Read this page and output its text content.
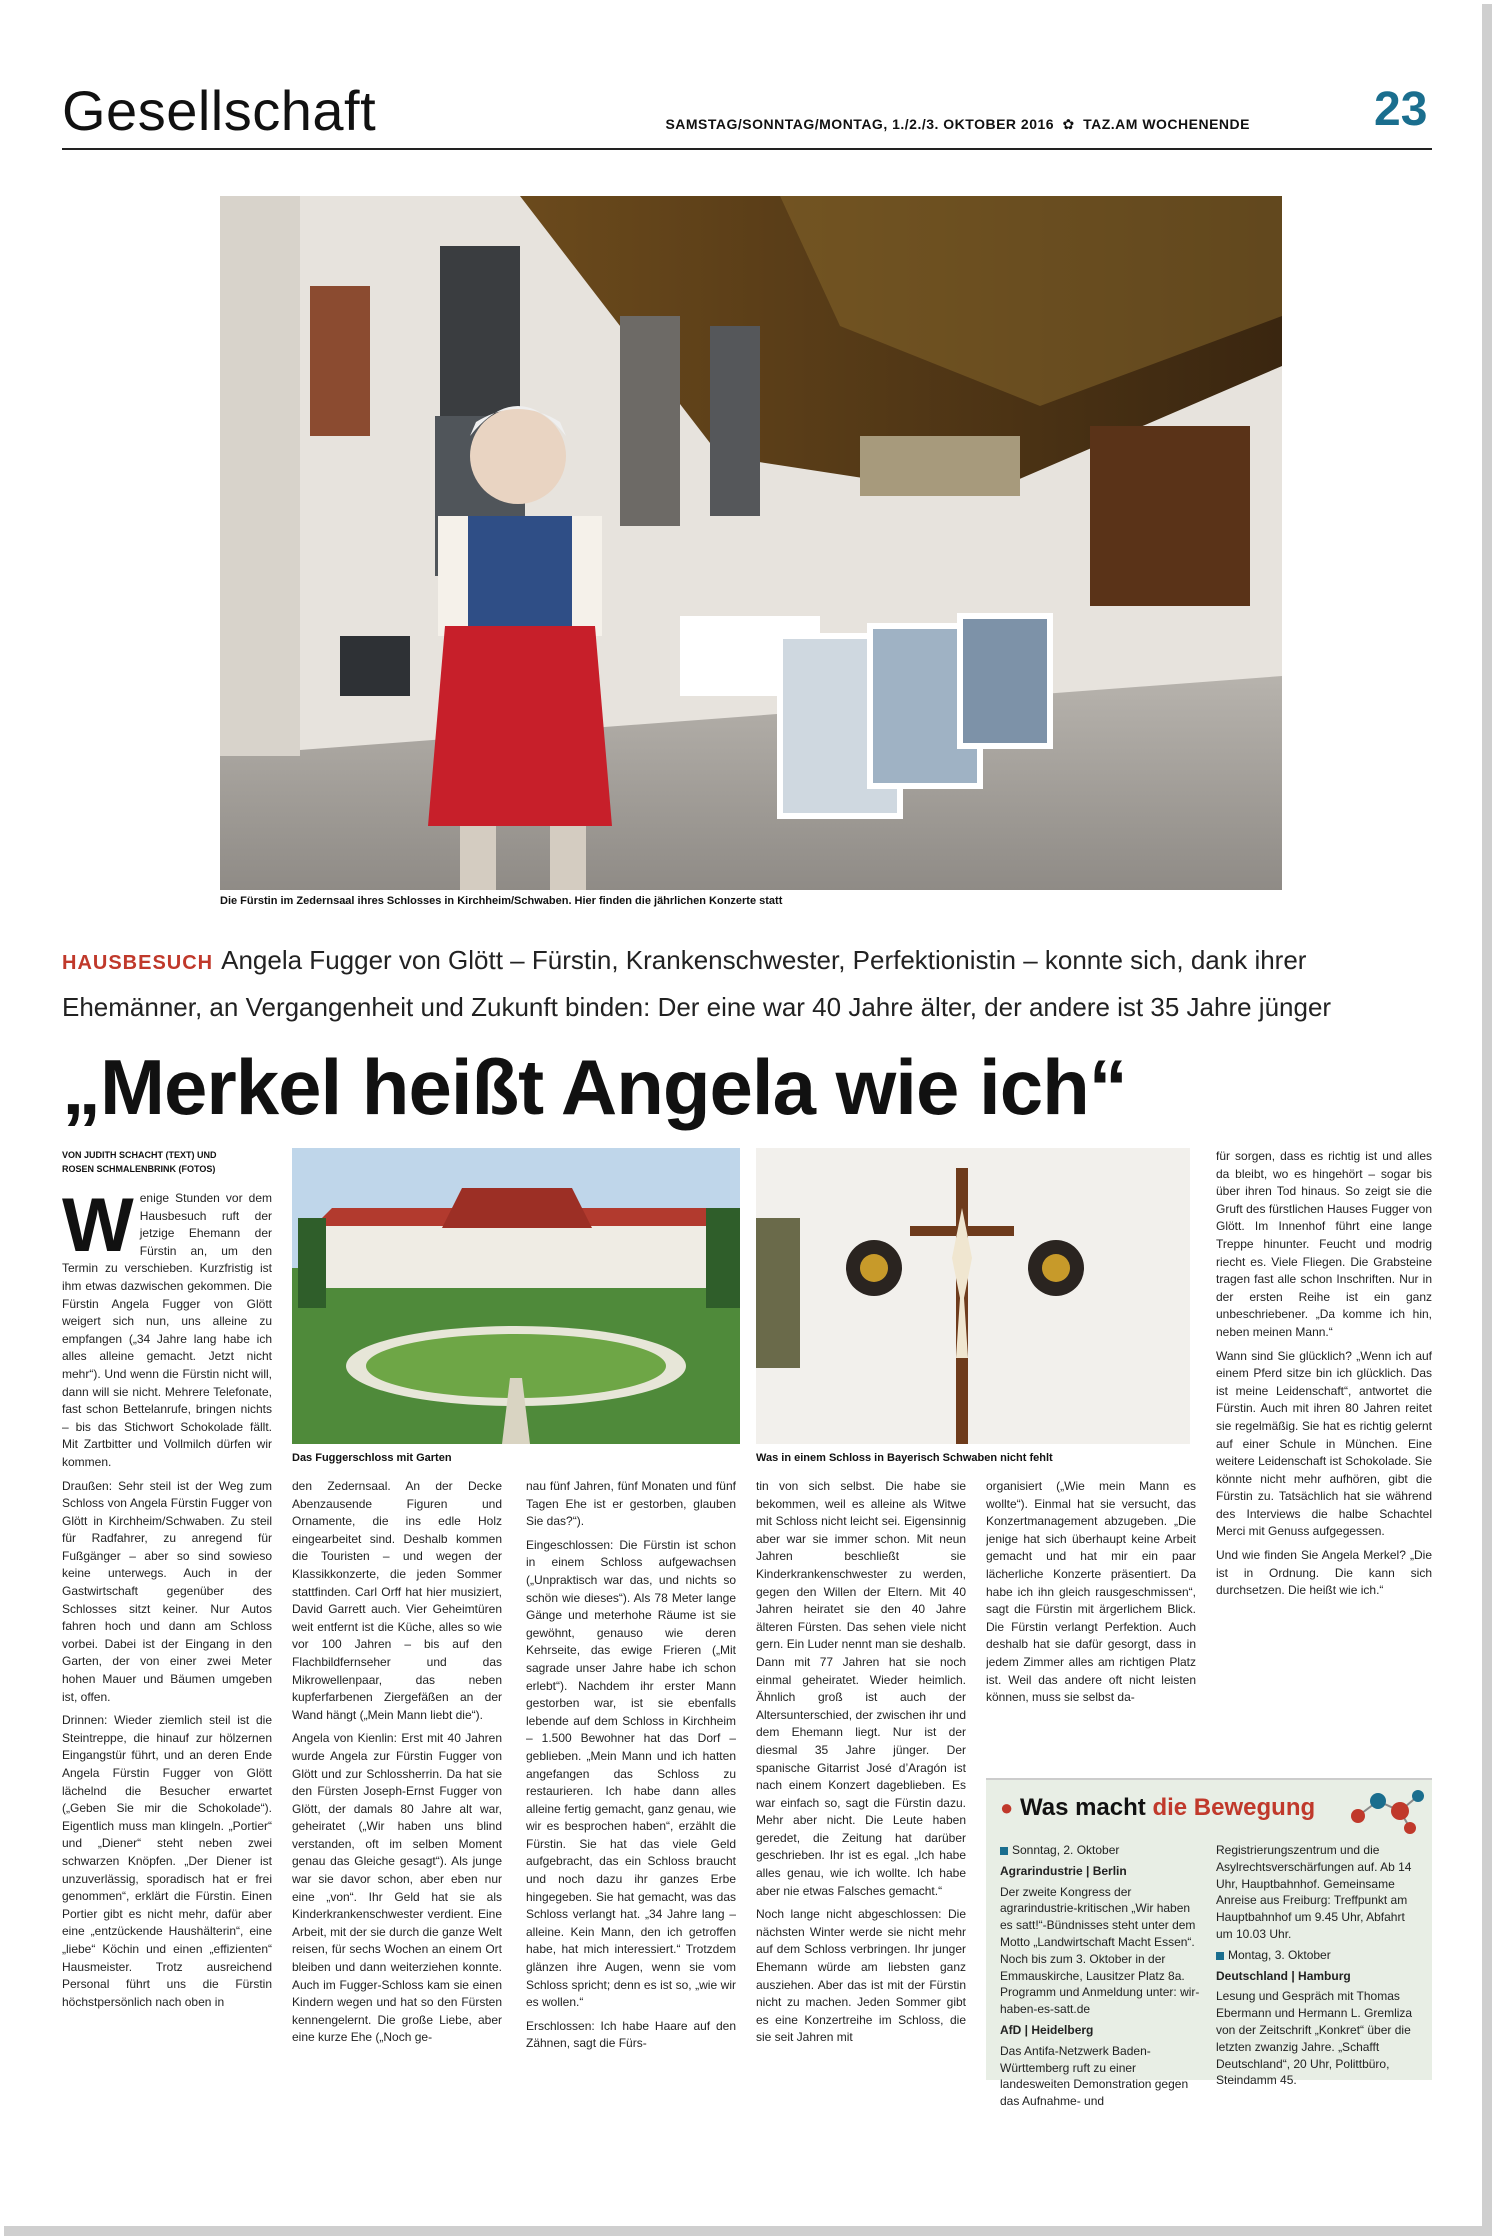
Gesellschaft	SAMSTAG/SONNTAG/MONTAG, 1./2./3. OKTOBER 2016 ✿ TAZ.AM WOCHENENDE	23
Die Fürstin im Zedernsaal ihres Schlosses in Kirchheim/Schwaben. Hier finden die jährlichen Konzerte statt
HAUSBESUCH Angela Fugger von Glött – Fürstin, Krankenschwester, Perfektionistin – konnte sich, dank ihrer Ehemänner, an Vergangenheit und Zukunft binden: Der eine war 40 Jahre älter, der andere ist 35 Jahre jünger
„Merkel heißt Angela wie ich“
VON JUDITH SCHACHT (TEXT) UND
ROSEN SCHMALENBRINK (FOTOS)
Das Fuggerschloss mit Garten	Was in einem Schloss in Bayerisch Schwaben nicht fehlt
W enige Stunden vor dem Hausbesuch ruft der jetzige Ehemann der Fürstin an, um den Termin zu verschieben. Kurzfristig ist ihm etwas dazwischen gekommen. Die Fürstin Angela Fugger von Glött weigert sich nun, uns alleine zu empfangen („34 Jahre lang habe ich alles alleine gemacht. Jetzt nicht mehr“). Und wenn die Fürstin nicht will, dann will sie nicht. Mehrere Telefonate, fast schon Bettelanrufe, bringen nichts – bis das Stichwort Schokolade fällt. Mit Zartbitter und Vollmilch dürfen wir kommen.

Draußen: Sehr steil ist der Weg zum Schloss von Angela Fürstin Fugger von Glött in Kirchheim/Schwaben. Zu steil für Radfahrer, zu anregend für Fußgänger – aber so sind sowieso keine unterwegs. Auch in der Gastwirtschaft gegenüber des Schlosses sitzt keiner. Nur Autos fahren hoch und dann am Schloss vorbei. Dabei ist der Eingang in den Garten, der von einer zwei Meter hohen Mauer und Bäumen umgeben ist, offen.

Drinnen: Wieder ziemlich steil ist die Steintreppe, die hinauf zur hölzernen Eingangstür führt, und an deren Ende Angela Fürstin Fugger von Glött lächelnd die Besucher erwartet („Geben Sie mir die Schokolade“). Eigentlich muss man klingeln. „Portier“ und „Diener“ steht neben zwei schwarzen Knöpfen. „Der Diener ist unzuverlässig, sporadisch hat er frei genommen“, erklärt die Fürstin. Einen Portier gibt es nicht mehr, dafür aber eine „entzückende Haushälterin“, eine „liebe“ Köchin und einen „effizienten“ Hausmeister. Trotz ausreichend Personal führt uns die Fürstin höchstpersönlich nach oben in

den Zedernsaal. An der Decke Abenzausende Figuren und Ornamente, die ins edle Holz eingearbeitet sind. Deshalb kommen die Touristen – und wegen der Klassikkonzerte, die jeden Sommer stattfinden. Carl Orff hat hier musiziert, David Garrett auch. Vier Geheimtüren weit entfernt ist die Küche, alles so wie vor 100 Jahren – bis auf den Flachbildfernseher und das Mikrowellenpaar, das neben kupferfarbenen Ziergefäßen an der Wand hängt („Mein Mann liebt die“).

Angela von Kienlin: Erst mit 40 Jahren wurde Angela zur Fürstin Fugger von Glött und zur Schlossherrin. Da hat sie den Fürsten Joseph-Ernst Fugger von Glött, der damals 80 Jahre alt war, geheiratet („Wir haben uns blind verstanden, oft im selben Moment genau das Gleiche gesagt“). Als junge war sie davor schon, aber eben nur eine „von“. Ihr Geld hat sie als Kinderkrankenschwester verdient. Eine Arbeit, mit der sie durch die ganze Welt reisen, für sechs Wochen an einem Ort bleiben und dann weiterziehen konnte. Auch im Fugger-Schloss kam sie einen Kindern wegen und hat so den Fürsten kennengelernt. Die große Liebe, aber eine kurze Ehe („Noch ge-

nau fünf Jahren, fünf Monaten und fünf Tagen Ehe ist er gestorben, glauben Sie das?“).

Eingeschlossen: Die Fürstin ist schon in einem Schloss aufgewachsen („Unpraktisch war das, und nichts so schön wie dieses“). Als 78 Meter lange Gänge und meterhohe Räume ist sie gewöhnt, genauso wie deren Kehrseite, das ewige Frieren („Mit sagrade unser Jahre habe ich schon erlebt“). Nachdem ihr erster Mann gestorben war, ist sie ebenfalls lebende auf dem Schloss in Kirchheim – 1.500 Bewohner hat das Dorf – geblieben. „Mein Mann und ich hatten angefangen das Schloss zu restaurieren. Ich habe dann alles alleine fertig gemacht, ganz genau, wie wir es besprochen haben“, erzählt die Fürstin. Sie hat das viele Geld aufgebracht, das ein Schloss braucht und noch dazu ihr ganzes Erbe hingegeben. Sie hat gemacht, was das Schloss verlangt hat. „34 Jahre lang – alleine. Kein Mann, den ich getroffen habe, hat mich interessiert.“ Trotzdem glänzen ihre Augen, wenn sie vom Schloss spricht; denn es ist so, „wie wir es wollen.“

Erschlossen: Ich habe Haare auf den Zähnen, sagt die Fürs-

tin von sich selbst. Die habe sie bekommen, weil es alleine als Witwe mit Schloss nicht leicht sei. Eigensinnig aber war sie immer schon. Mit neun Jahren beschließt sie Kinderkrankenschwester zu werden, gegen den Willen der Eltern. Mit 40 Jahren heiratet sie den 40 Jahre älteren Fürsten. Das sehen viele nicht gern. Ein Luder nennt man sie deshalb. Dann mit 77 Jahren hat sie noch einmal geheiratet. Wieder heimlich. Ähnlich groß ist auch der Altersunterschied, der zwischen ihr und dem Ehemann liegt. Nur ist der diesmal 35 Jahre jünger. Der spanische Gitarrist José d’Aragón ist nach einem Konzert dageblieben. Es war einfach so, sagt die Fürstin dazu. Mehr aber nicht. Die Leute haben geredet, die Zeitung hat darüber geschrieben. Ihr ist es egal. „Ich habe alles genau, wie ich wollte. Ich habe aber nie etwas Falsches gemacht.“

Noch lange nicht abgeschlossen: Die nächsten Winter werde sie nicht mehr auf dem Schloss verbringen. Ihr junger Ehemann würde am liebsten ganz ausziehen. Aber das ist mit der Fürstin nicht zu machen. Jeden Sommer gibt es eine Konzertreihe im Schloss, die sie seit Jahren mit

organisiert („Wie mein Mann es wollte“). Einmal hat sie versucht, das Konzertmanagement abzugeben. „Die jenige hat sich überhaupt keine Arbeit gemacht und hat mir ein paar lächerliche Konzerte präsentiert. Da habe ich ihn gleich rausgeschmissen“, sagt die Fürstin mit ärgerlichem Blick. Die Fürstin verlangt Perfektion. Auch deshalb hat sie dafür gesorgt, dass in jedem Zimmer alles am richtigen Platz ist. Weil das andere oft nicht leisten können, muss sie selbst da-

für sorgen, dass es richtig ist und alles da bleibt, wo es hingehört – sogar bis über ihren Tod hinaus. So zeigt sie die Gruft des fürstlichen Hauses Fugger von Glött. Im Innenhof führt eine lange Treppe hinunter. Feucht und modrig riecht es. Viele Fliegen. Die Grabsteine tragen fast alle schon Inschriften. Nur in der ersten Reihe ist ein ganz unbeschriebener. „Da komme ich hin, neben meinen Mann.“

Wann sind Sie glücklich? „Wenn ich auf einem Pferd sitze bin ich glücklich. Das ist meine Leidenschaft“, antwortet die Fürstin. Auch mit ihren 80 Jahren reitet sie regelmäßig. Sie hat es richtig gelernt auf einer Schule in München. Eine weitere Leidenschaft ist Schokolade. Sie könnte nicht mehr aufhören, gibt die Fürstin zu. Tatsächlich hat sie während des Interviews die halbe Schachtel Merci mit Genuss aufgegessen.

Und wie finden Sie Angela Merkel? „Die ist in Ordnung. Die kann sich durchsetzen. Die heißt wie ich.“

● Was macht die Bewegung

Sonntag, 2. Oktober

Agrarindustrie | Berlin

Der zweite Kongress der agrarindustrie-kritischen „Wir haben es satt!“-Bündnisses steht unter dem Motto „Landwirtschaft Macht Essen“. Noch bis zum 3. Oktober in der Emmauskirche, Lausitzer Platz 8a. Programm und Anmeldung unter: wir-haben-es-satt.de

AfD | Heidelberg

Das Antifa-Netzwerk Baden-Württemberg ruft zu einer landesweiten Demonstration gegen das Aufnahme- und

Registrierungszentrum und die Asylrechtsverschärfungen auf. Ab 14 Uhr, Hauptbahnhof. Gemeinsame Anreise aus Freiburg: Treffpunkt am Hauptbahnhof um 9.45 Uhr, Abfahrt um 10.03 Uhr.

Montag, 3. Oktober

Deutschland | Hamburg

Lesung und Gespräch mit Thomas Ebermann und Hermann L. Gremliza von der Zeitschrift „Konkret“ über die letzten zwanzig Jahre. „Schafft Deutschland“, 20 Uhr, Polittbüro, Steindamm 45.
